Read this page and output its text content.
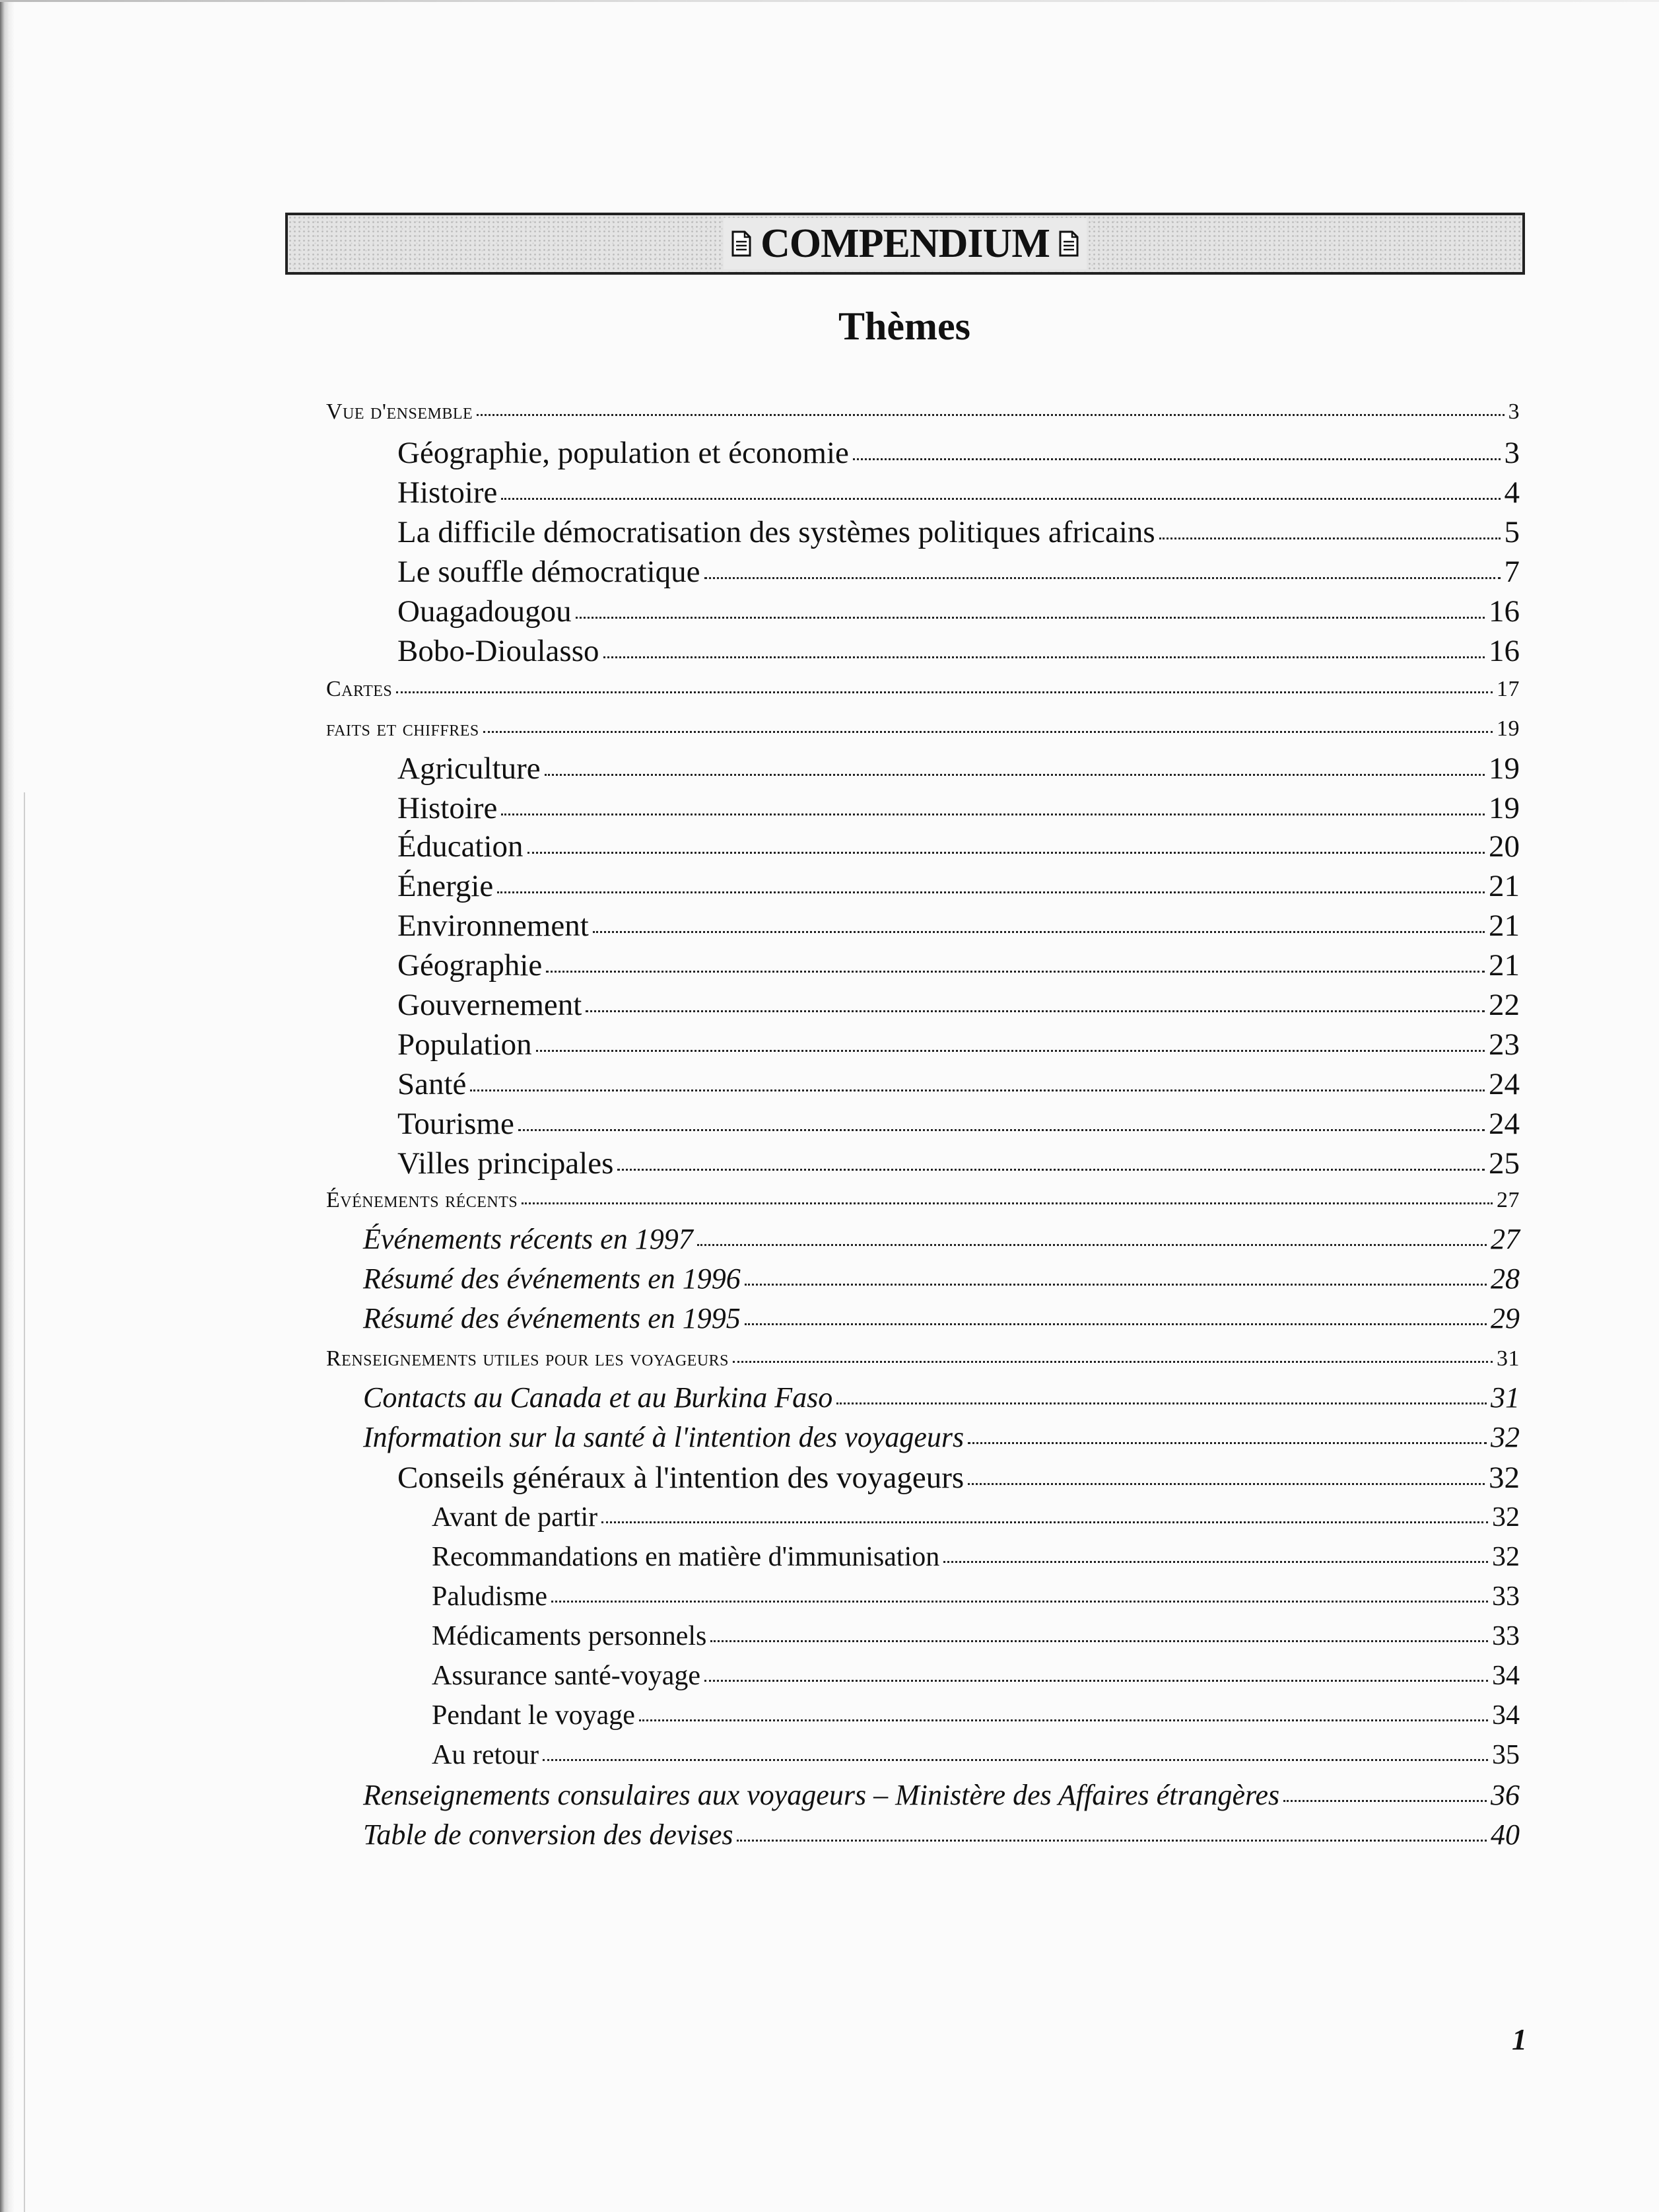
COMPENDIUM
Thèmes
Vue d'ensemble	3
Géographie, population et économie	3
Histoire	4
La difficile démocratisation des systèmes politiques africains	5
Le souffle démocratique	7
Ouagadougou	16
Bobo-Dioulasso	16
Cartes	17
faits et chiffres	19
Agriculture	19
Histoire	19
Éducation	20
Énergie	21
Environnement	21
Géographie	21
Gouvernement	22
Population	23
Santé	24
Tourisme	24
Villes principales	25
Événements récents	27
Événements récents en 1997	27
Résumé des événements en 1996	28
Résumé des événements en 1995	29
Renseignements utiles pour les voyageurs	31
Contacts au Canada et au Burkina Faso	31
Information sur la santé à l'intention des voyageurs	32
Conseils généraux à l'intention des voyageurs	32
Avant de partir	32
Recommandations en matière d'immunisation	32
Paludisme	33
Médicaments personnels	33
Assurance santé-voyage	34
Pendant le voyage	34
Au retour	35
Renseignements consulaires aux voyageurs – Ministère des Affaires étrangères	36
Table de conversion des devises	40
1
